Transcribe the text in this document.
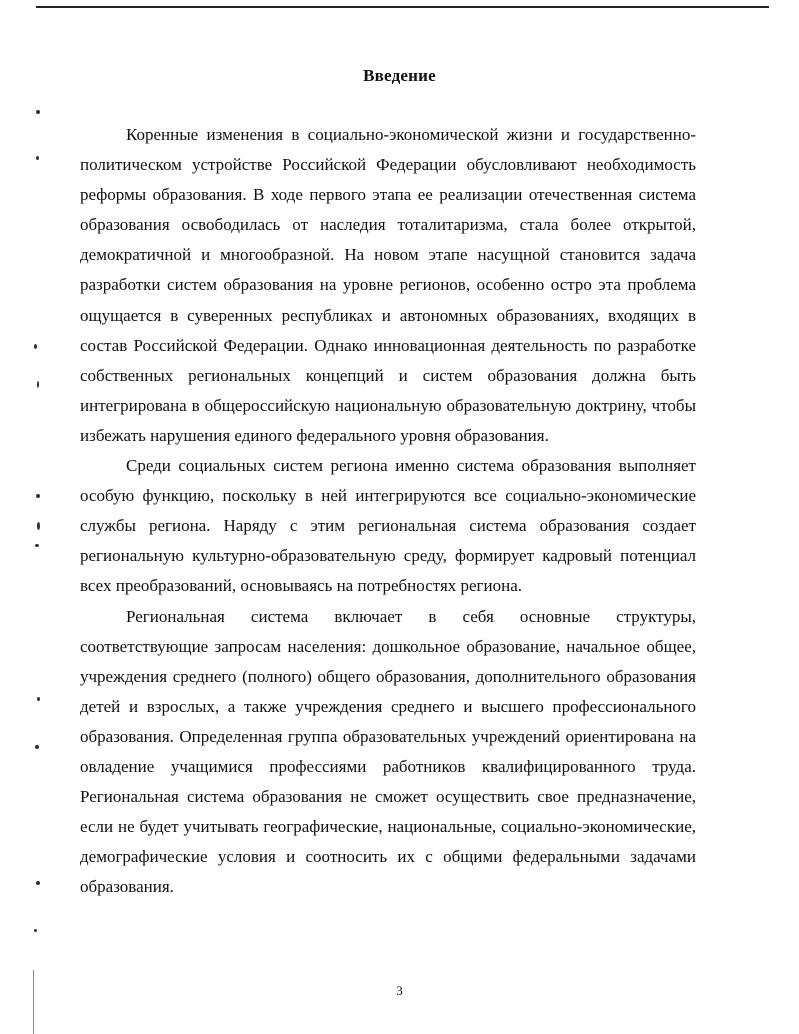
Введение

Коренные изменения в социально-экономической жизни и государственно-политическом устройстве Российской Федерации обусловливают необходимость реформы образования. В ходе первого этапа ее реализации отечественная система образования освободилась от наследия тоталитаризма, стала более открытой, демократичной и многообразной. На новом этапе насущной становится задача разработки систем образования на уровне регионов, особенно остро эта проблема ощущается в суверенных республиках и автономных образованиях, входящих в состав Российской Федерации. Однако инновационная деятельность по разработке собственных региональных концепций и систем образования должна быть интегрирована в общероссийскую национальную образовательную доктрину, чтобы избежать нарушения единого федерального уровня образования.

Среди социальных систем региона именно система образования выполняет особую функцию, поскольку в ней интегрируются все социально-экономические службы региона. Наряду с этим региональная система образования создает региональную культурно-образовательную среду, формирует кадровый потенциал всех преобразований, основываясь на потребностях региона.

Региональная система включает в себя основные структуры, соответствующие запросам населения: дошкольное образование, начальное общее, учреждения среднего (полного) общего образования, дополнительного образования детей и взрослых, а также учреждения среднего и высшего профессионального образования. Определенная группа образовательных учреждений ориентирована на овладение учащимися профессиями работников квалифицированного труда. Региональная система образования не сможет осуществить свое предназначение, если не будет учитывать географические, национальные, социально-экономические, демографические условия и соотносить их с общими федеральными задачами образования.

3
